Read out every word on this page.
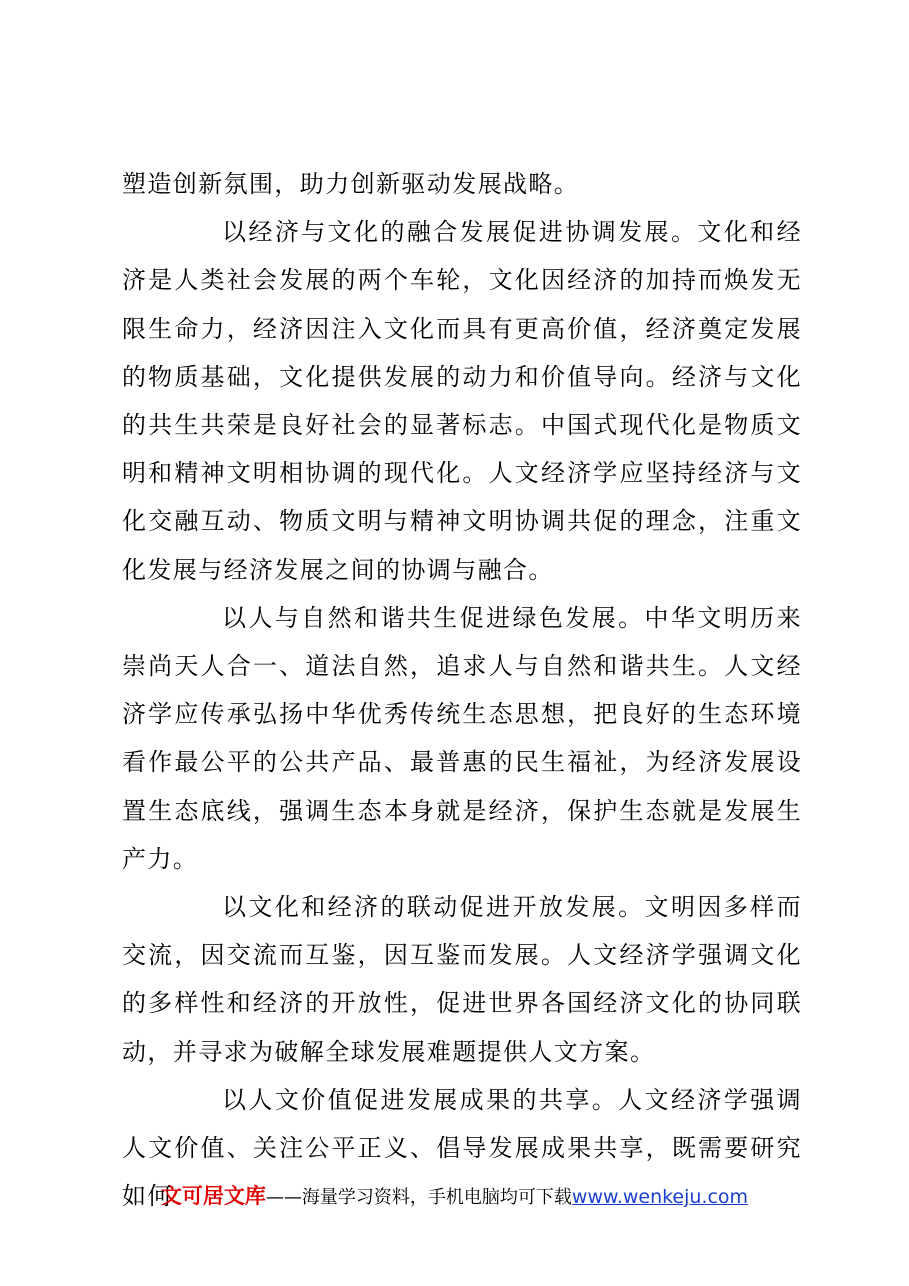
塑造创新氛围，助力创新驱动发展战略。

以经济与文化的融合发展促进协调发展。文化和经济是人类社会发展的两个车轮，文化因经济的加持而焕发无限生命力，经济因注入文化而具有更高价值，经济奠定发展的物质基础，文化提供发展的动力和价值导向。经济与文化的共生共荣是良好社会的显著标志。中国式现代化是物质文明和精神文明相协调的现代化。人文经济学应坚持经济与文化交融互动、物质文明与精神文明协调共促的理念，注重文化发展与经济发展之间的协调与融合。

以人与自然和谐共生促进绿色发展。中华文明历来崇尚天人合一、道法自然，追求人与自然和谐共生。人文经济学应传承弘扬中华优秀传统生态思想，把良好的生态环境看作最公平的公共产品、最普惠的民生福祉，为经济发展设置生态底线，强调生态本身就是经济，保护生态就是发展生产力。

以文化和经济的联动促进开放发展。文明因多样而交流，因交流而互鉴，因互鉴而发展。人文经济学强调文化的多样性和经济的开放性，促进世界各国经济文化的协同联动，并寻求为破解全球发展难题提供人文方案。

以人文价值促进发展成果的共享。人文经济学强调人文价值、关注公平正义、倡导发展成果共享，既需要研究如何

文可居文库——海量学习资料，手机电脑均可下载www.wenkeju.com
